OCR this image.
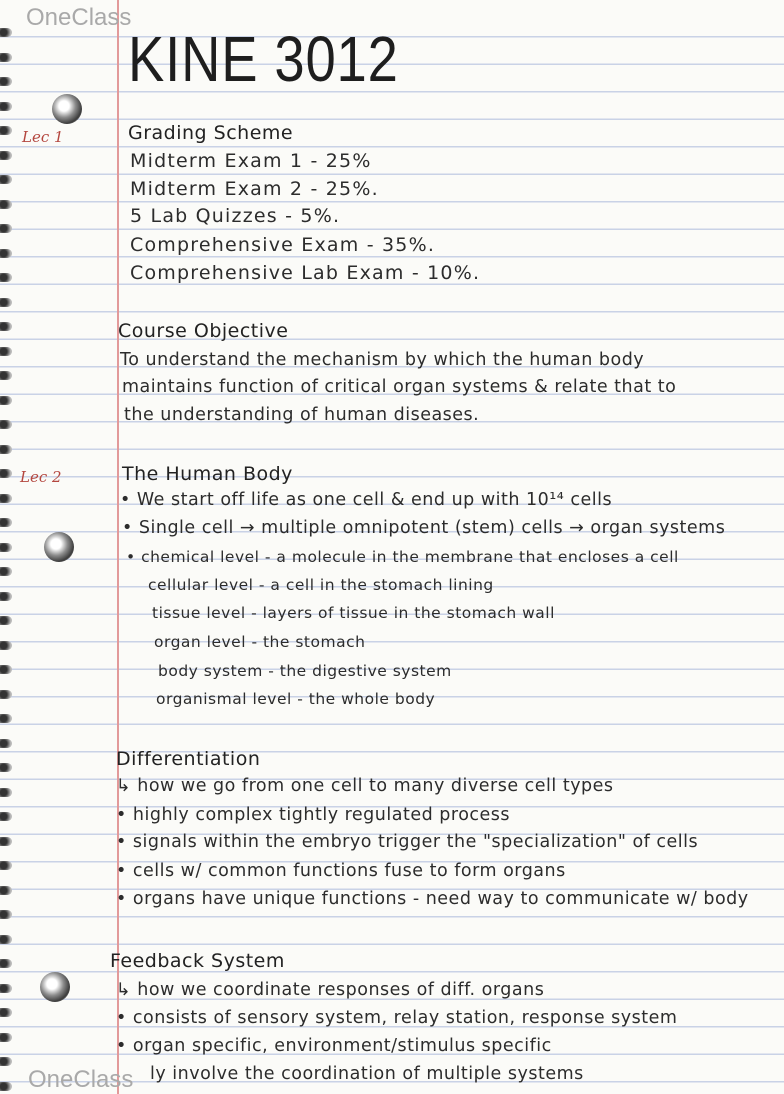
OneClass
OneClass
KINE 3012
Lec 1
Lec 2
Grading Scheme
Midterm Exam 1 - 25%
Midterm Exam 2 - 25%.
5 Lab Quizzes - 5%.
Comprehensive Exam - 35%.
Comprehensive Lab Exam - 10%.
Course Objective
To understand the mechanism by which the human body
maintains function of critical organ systems & relate that to
the understanding of human diseases.
The Human Body
• We start off life as one cell & end up with 10¹⁴ cells
• Single cell → multiple omnipotent (stem) cells → organ systems
• chemical level - a molecule in the membrane that encloses a cell
cellular level - a cell in the stomach lining
tissue level - layers of tissue in the stomach wall
organ level - the stomach
body system - the digestive system
organismal level - the whole body
Differentiation
↳ how we go from one cell to many diverse cell types
• highly complex tightly regulated process
• signals within the embryo trigger the "specialization" of cells
• cells w/ common functions fuse to form organs
• organs have unique functions - need way to communicate w/ body
Feedback System
↳ how we coordinate responses of diff. organs
• consists of sensory system, relay station, response system
• organ specific, environment/stimulus specific
ly involve the coordination of multiple systems
